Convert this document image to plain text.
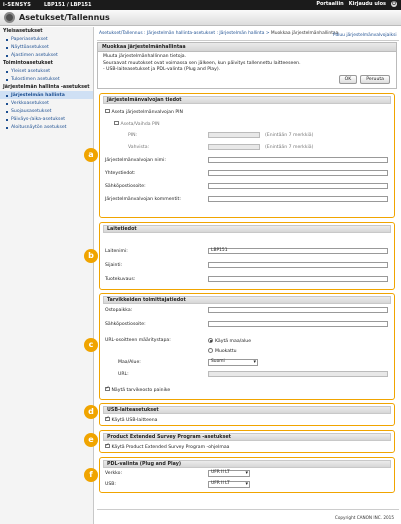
i-SENSYS	LBP151 / LBP151	Portaaliin Kirjaudu ulos ⏻
Asetukset/Tallennus
Yleisasetukset
Paperiasetukset
Näyttöasetukset
Ajastimen asetukset
Toimintoasetukset
Yleiset asetukset
Tulostimen asetukset
Järjestelmän hallinta -asetukset
Järjestelmän hallinta
Verkkoasetukset
Suojausasetukset
Päiväys-/aika-asetukset
Aloitusnäytön asetukset
Asetukset/Tallennus : Järjestelmän hallinta-asetukset : Järjestelmän hallinta > Muokkaa järjestelmänhallintaa
Paluu järjestelmänvalvojaiksi
Muokkaa järjestelmänhallintaa
Muuta järjestelmänhallinnan tietoja.
Seuraavat muutokset ovat voimassa sen jälkeen, kun päivitys tallennettu laitteeseen.
- USB-laiteasetukset ja PDL-valinta (Plug and Play).
OK	Peruuta
Järjestelmänvalvojan tiedot
Aseta järjestelmänvalvojan PIN
Aseta/Vaihda PIN
PIN:	(Enintään 7 merkkiä)
Vahvista:	(Enintään 7 merkkiä)
Järjestelmänvalvojan nimi:
Yhteystiedot:
Sähköpostiosoite:
Järjestelmänvalvojan kommentit:
Laitetiedot
Laitenimi:	LBP151
Sijainti:
Tuotekuvaus:
Tarvikkeiden toimittajatiedot
Ostopaikka:
Sähköpostiosoite:
URL-osoitteen määritystapa:	Käytä maa/alue
Muokattu
Maa/Alue:	Suomi ▾
URL:
✓Näytä tarvikeosto painike
USB-laiteasetukset
✓Käytä USB-laitteena
Product Extended Survey Program -asetukset
✓Käytä Product Extended Survey Program -ohjelmaa
PDL-valinta (Plug and Play)
Verkko:	UFR II LT ▾
USB:	UFR II LT ▾
a
b
c
d
e
f
Copyright CANON INC. 2015
